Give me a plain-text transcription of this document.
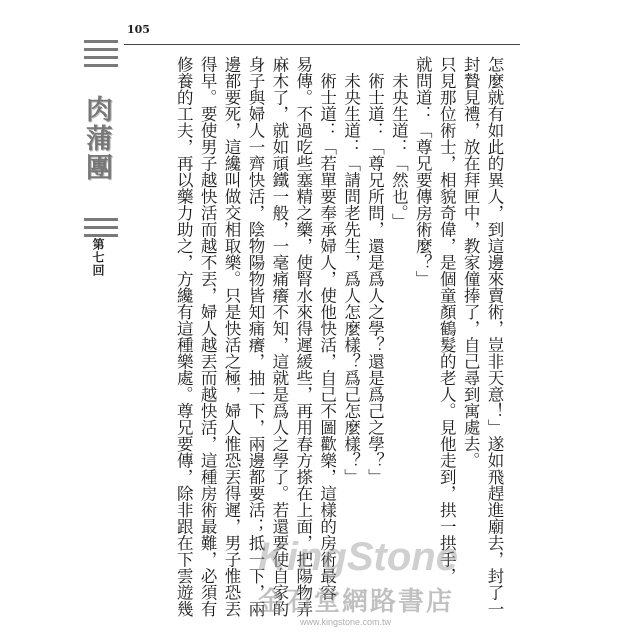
105
肉蒲團
第七回	怎麼就有如此的異人，到這邊來賣術，豈非天意！」遂如飛趕進廟去，封了一
封贄見禮，放在拜匣中，教家僮捧了，自己尋到寓處去。
只見那位術士，相貌奇偉，是個童顏鶴髮的老人。見他走到，拱一拱手，
就問道：「尊兄要傳房術麼？」
　未央生道：「然也。」
　術士道：「尊兄所問，還是爲人之學？還是爲己之學？」
　未央生道：「請問老先生，爲人怎麼樣？爲己怎麼樣？」
　術士道：「若單要奉承婦人，使他快活，自己不圖歡樂，這樣的房術最容
易傳。不過吃些塞精之藥，使腎水來得遲緩些，再用春方搽在上面，把陽物弄
麻木了，就如頑鐵一般，一毫痛癢不知，這就是爲人之學了。若還要使自家的
身子與婦人一齊快活，陰物陽物皆知痛癢，抽一下，兩邊都要活；抵一下，兩
邊都要死，這纔叫做交相取樂。只是快活之極，婦人惟恐丟得遲，男子惟恐丟
得早。要使男子越快活而越不丟，婦人越丟而越快活，這種房術最難，必須有
修養的工夫，再以藥力助之，方纔有這種樂處。尊兄要傳，除非跟在下雲遊幾 KingStone
金石堂網路書店
www.kingstone.com.tw
